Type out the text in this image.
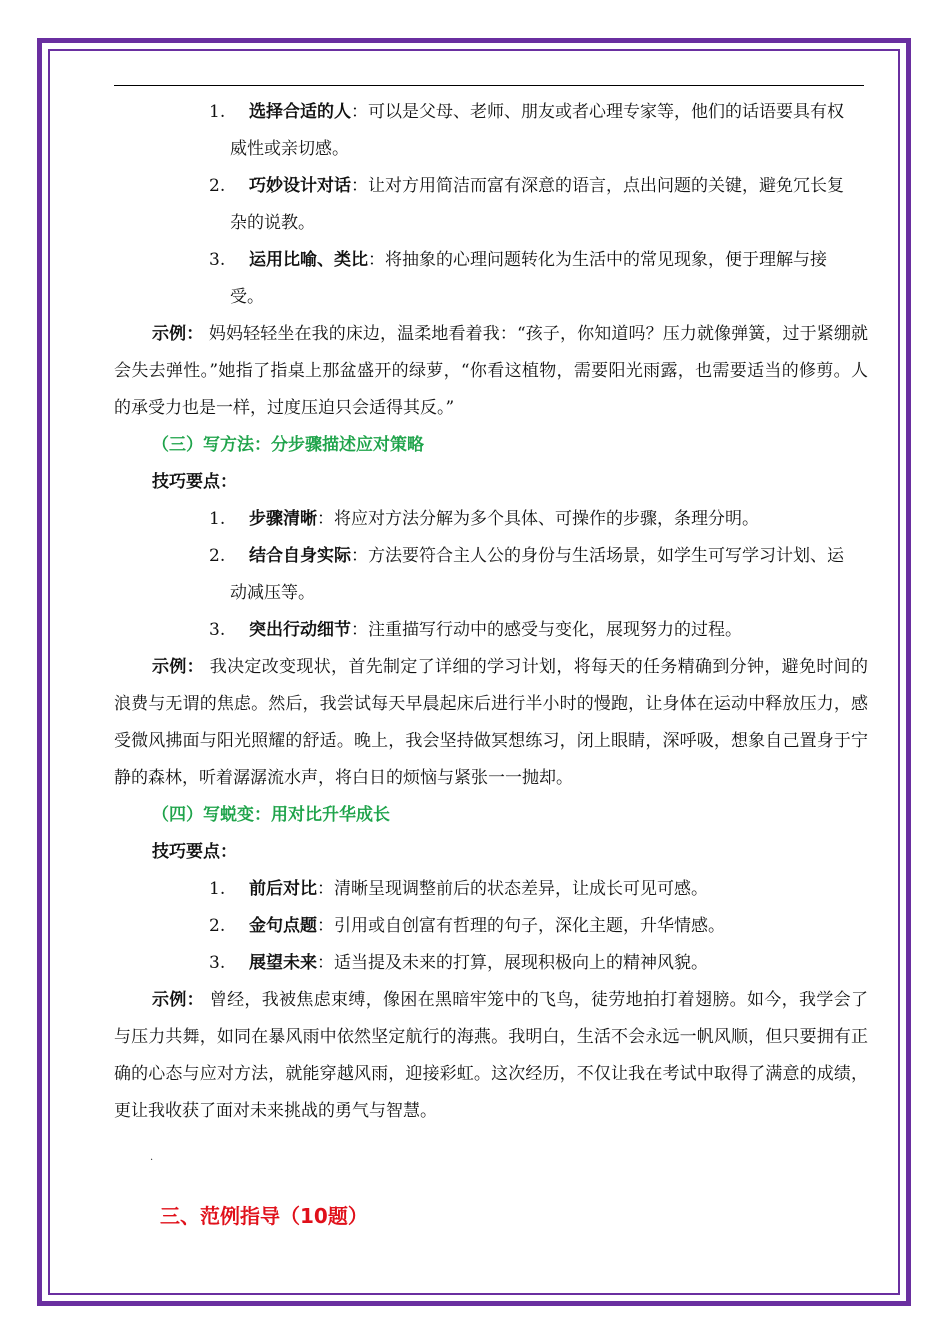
1. 选择合适的人：可以是父母、老师、朋友或者心理专家等，他们的话语要具有权威性或亲切感。
2. 巧妙设计对话：让对方用简洁而富有深意的语言，点出问题的关键，避免冗长复杂的说教。
3. 运用比喻、类比：将抽象的心理问题转化为生活中的常见现象，便于理解与接受。

示例： 妈妈轻轻坐在我的床边，温柔地看着我：“孩子，你知道吗？压力就像弹簧，过于紧绷就会失去弹性。”她指了指桌上那盆盛开的绿萝，“你看这植物，需要阳光雨露，也需要适当的修剪。人的承受力也是一样，过度压迫只会适得其反。”

（三）写方法：分步骤描述应对策略
技巧要点：
1. 步骤清晰：将应对方法分解为多个具体、可操作的步骤，条理分明。
2. 结合自身实际：方法要符合主人公的身份与生活场景，如学生可写学习计划、运动减压等。
3. 突出行动细节：注重描写行动中的感受与变化，展现努力的过程。

示例： 我决定改变现状，首先制定了详细的学习计划，将每天的任务精确到分钟，避免时间的浪费与无谓的焦虑。然后，我尝试每天早晨起床后进行半小时的慢跑，让身体在运动中释放压力，感受微风拂面与阳光照耀的舒适。晚上，我会坚持做冥想练习，闭上眼睛，深呼吸，想象自己置身于宁静的森林，听着潺潺流水声，将白日的烦恼与紧张一一抛却。

（四）写蜕变：用对比升华成长
技巧要点：
1. 前后对比：清晰呈现调整前后的状态差异，让成长可见可感。
2. 金句点题：引用或自创富有哲理的句子，深化主题，升华情感。
3. 展望未来：适当提及未来的打算，展现积极向上的精神风貌。

示例： 曾经，我被焦虑束缚，像困在黑暗牢笼中的飞鸟，徒劳地拍打着翅膀。如今，我学会了与压力共舞，如同在暴风雨中依然坚定航行的海燕。我明白，生活不会永远一帆风顺，但只要拥有正确的心态与应对方法，就能穿越风雨，迎接彩虹。这次经历，不仅让我在考试中取得了满意的成绩，更让我收获了面对未来挑战的勇气与智慧。

.
三、范例指导（10题）
